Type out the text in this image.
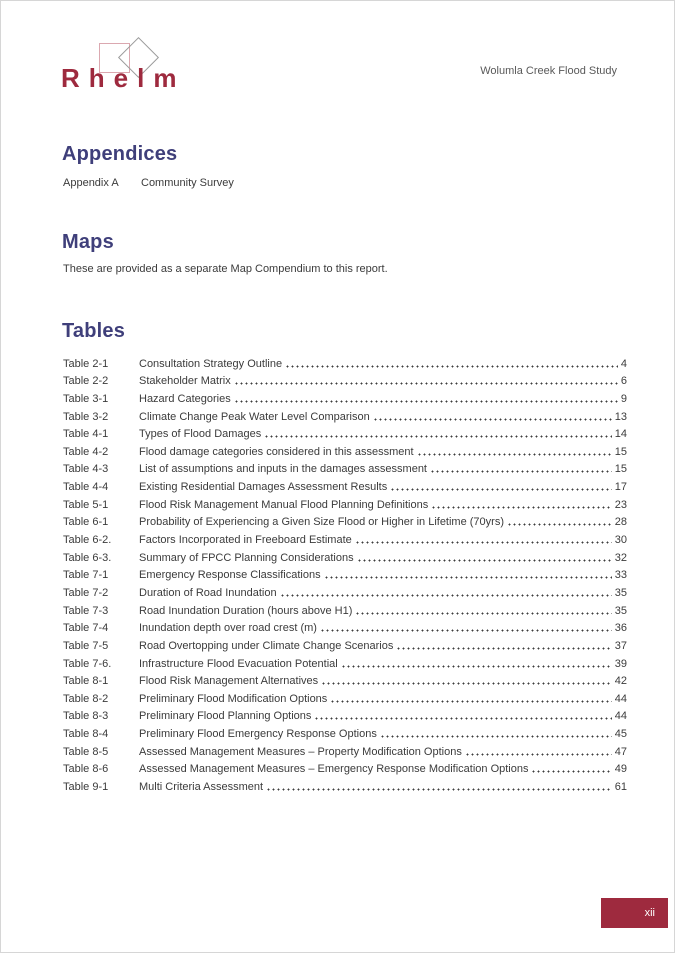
Rhelm	Wolumla Creek Flood Study
Appendices
Appendix A	Community Survey
Maps

These are provided as a separate Map Compendium to this report.

Tables
Table 2-1	Consultation Strategy Outline	4
Table 2-2	Stakeholder Matrix	6
Table 3-1	Hazard Categories	9
Table 3-2	Climate Change Peak Water Level Comparison	13
Table 4-1	Types of Flood Damages	14
Table 4-2	Flood damage categories considered in this assessment	15
Table 4-3	List of assumptions and inputs in the damages assessment	15
Table 4-4	Existing Residential Damages Assessment Results	17
Table 5-1	Flood Risk Management Manual Flood Planning Definitions	23
Table 6-1	Probability of Experiencing a Given Size Flood or Higher in Lifetime (70yrs)	28
Table 6-2.	Factors Incorporated in Freeboard Estimate	30
Table 6-3.	Summary of FPCC Planning Considerations	32
Table 7-1	Emergency Response Classifications	33
Table 7-2	Duration of Road Inundation	35
Table 7-3	Road Inundation Duration (hours above H1)	35
Table 7-4	Inundation depth over road crest (m)	36
Table 7-5	Road Overtopping under Climate Change Scenarios	37
Table 7-6.	Infrastructure Flood Evacuation Potential	39
Table 8-1	Flood Risk Management Alternatives	42
Table 8-2	Preliminary Flood Modification Options	44
Table 8-3	Preliminary Flood Planning Options	44
Table 8-4	Preliminary Flood Emergency Response Options	45
Table 8-5	Assessed Management Measures – Property Modification Options	47
Table 8-6	Assessed Management Measures – Emergency Response Modification Options	49
Table 9-1	Multi Criteria Assessment	61
xii
